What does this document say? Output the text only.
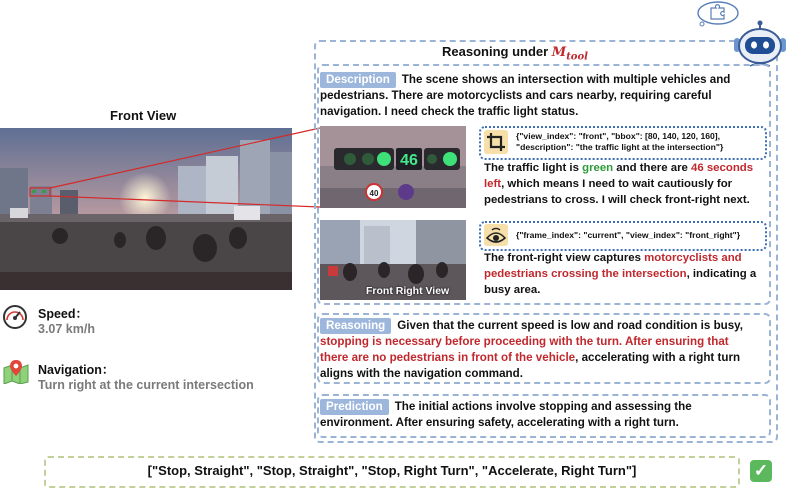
Front View
Speed：
3.07 km/h
Navigation：
Turn right at the current intersection
Reasoning under $M_{tool}$
Description The scene shows an intersection with multiple vehicles and pedestrians. There are motorcyclists and cars nearby, requiring careful navigation. I need check the traffic light status.
46
40
{"view_index": "front", "bbox": [80, 140, 120, 160], "description": "the traffic light at the intersection"}
The traffic light is green and there are 46 seconds left, which means I need to wait cautiously for pedestrians to cross. I will check front-right next.
Front Right View
{"frame_index": "current", "view_index": "front_right"}
The front-right view captures motorcyclists and pedestrians crossing the intersection, indicating a busy area.
Reasoning Given that the current speed is low and road condition is busy, stopping is necessary before proceeding with the turn. After ensuring that there are no pedestrians in front of the vehicle, accelerating with a right turn aligns with the navigation command.
Prediction The initial actions involve stopping and assessing the environment. After ensuring safety, accelerating with a right turn.
["Stop, Straight", "Stop, Straight", "Stop, Right Turn", "Accelerate, Right Turn"]	✓
